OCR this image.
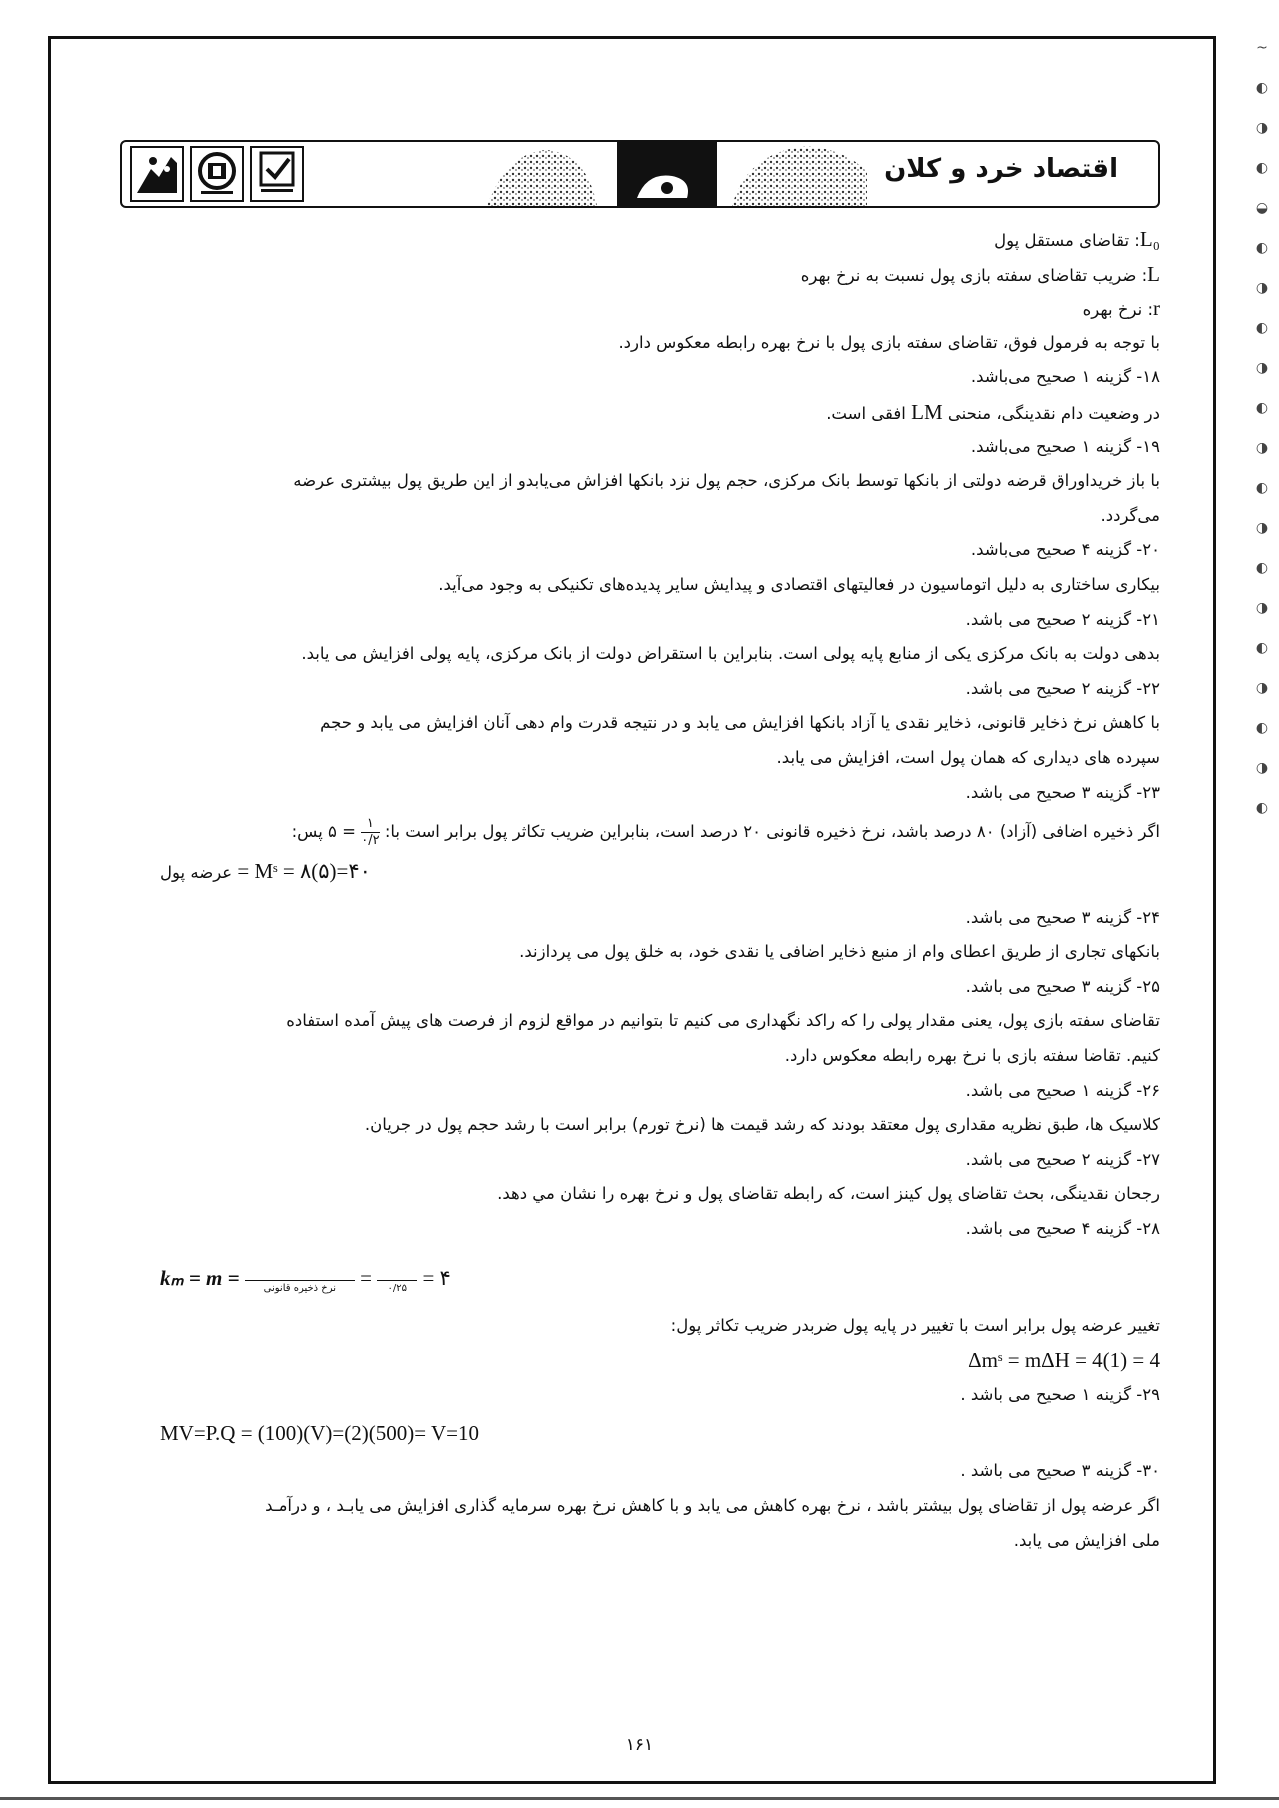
~
◐
◑
◐
◒
◐
◑
◐
◑
◐
◑
◐
◑
◐
◑
◐
◑
◐
◑
◐
اقتصاد خرد و کلان
L₀: تقاضای مستقل پول
L: ضریب تقاضای سفته بازی پول نسبت به نرخ بهره
r: نرخ بهره
با توجه به فرمول فوق، تقاضای سفته بازی پول با نرخ بهره رابطه معکوس دارد.
۱۸- گزینه ۱ صحیح می‌باشد.
در وضعیت دام نقدینگی، منحنی LM افقی است.
۱۹- گزینه ۱ صحیح می‌باشد.
با باز خریداوراق قرضه دولتی از بانکها توسط بانک مرکزی، حجم پول نزد بانکها افزاش می‌یابدو از این طریق پول بیشتری عرضه
می‌گردد.
۲۰- گزینه ۴ صحیح می‌باشد.
بیکاری ساختاری به دلیل اتوماسیون در فعالیتهای اقتصادی و پیدایش سایر پدیده‌های تکنیکی به وجود می‌آید.
۲۱- گزینه ۲ صحیح می باشد.
بدهی دولت به بانک مرکزی یکی از منابع پایه پولی است. بنابراین با استقراض دولت از بانک مرکزی، پایه پولی افزایش می یابد.
۲۲- گزینه ۲ صحیح می باشد.
با کاهش نرخ ذخایر قانونی، ذخایر نقدی یا آزاد بانکها افزایش می یابد و در نتیجه قدرت وام دهی آنان افزایش می یابد و حجم
سپرده های دیداری که همان پول است، افزایش می یابد.
۲۳- گزینه ۳ صحیح می باشد.
اگر ذخیره اضافی (آزاد) ۸۰ درصد باشد، نرخ ذخیره قانونی ۲۰ درصد است، بنابراین ضریب تکاثر پول برابر است با:
$\frac{۱}{۰/۲}$ = ۵ پس:
عرضه پول = Mˢ = ۸(۵)=۴۰
۲۴- گزینه ۳ صحیح می باشد.
بانکهای تجاری از طریق اعطای وام از منبع ذخایر اضافی یا نقدی خود، به خلق پول می پردازند.
۲۵- گزینه ۳ صحیح می باشد.
تقاضای سفته بازی پول، یعنی مقدار پولی را که راکد نگهداری می کنیم تا بتوانیم در مواقع لزوم از فرصت های پیش آمده استفاده
کنیم. تقاضا سفته بازی با نرخ بهره رابطه معکوس دارد.
۲۶- گزینه ۱ صحیح می باشد.
کلاسیک ها، طبق نظریه مقداری پول معتقد بودند که رشد قیمت ها (نرخ تورم) برابر است با رشد حجم پول در جریان.
۲۷- گزینه ۲ صحیح می باشد.
رجحان نقدینگی، بحث تقاضای پول کینز است، که رابطه تقاضای پول و نرخ بهره را نشان مي دهد.
۲۸- گزینه ۴ صحیح می باشد.
kₘ = m =
نرخ ذخیره قانونی =
۰/۲۵ = ۴
تغییر عرضه پول برابر است با تغییر در پایه پول ضربدر ضریب تکاثر پول:
Δmˢ = mΔH = 4(1) = 4
۲۹- گزینه ۱ صحیح می باشد .
MV=P.Q = (100)(V)=(2)(500)= V=10
۳۰- گزینه ۳ صحیح می باشد .
اگر عرضه پول از تقاضای پول بیشتر باشد ، نرخ بهره کاهش می یابد و با کاهش نرخ بهره سرمایه گذاری افزایش می یابـد ، و درآمـد
ملی افزایش می یابد.
۱۶۱
